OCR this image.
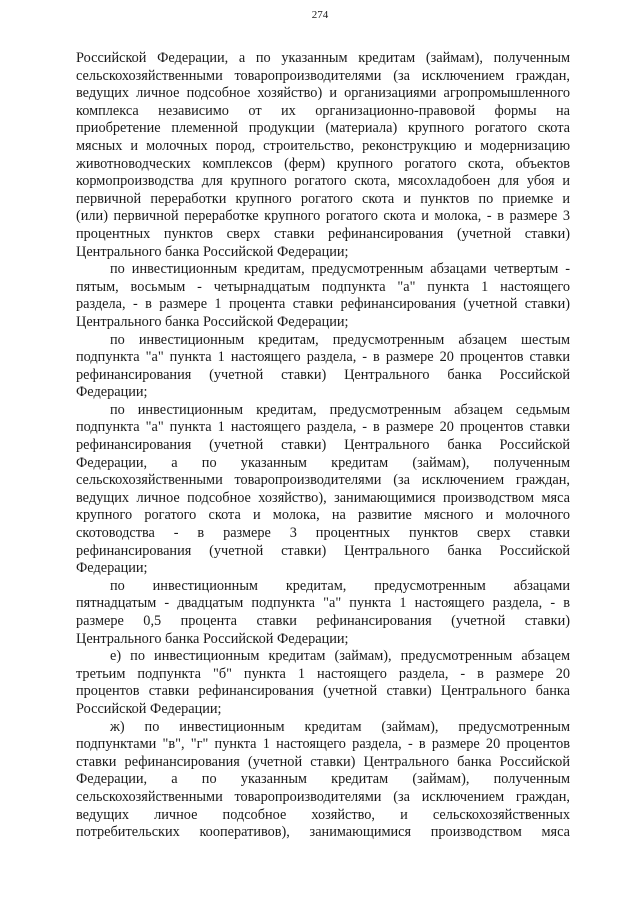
274
Российской Федерации, а по указанным кредитам (займам), полученным
сельскохозяйственными товаропроизводителями (за исключением граждан,
ведущих личное подсобное хозяйство) и организациями агропромышленного
комплекса независимо от их организационно-правовой формы на
приобретение племенной продукции (материала) крупного рогатого скота
мясных и молочных пород, строительство, реконструкцию и модернизацию
животноводческих комплексов (ферм) крупного рогатого скота, объектов
кормопроизводства для крупного рогатого скота, мясохладобоен для убоя и
первичной переработки крупного рогатого скота и пунктов по приемке и
(или) первичной переработке крупного рогатого скота и молока, - в размере 3
процентных пунктов сверх ставки рефинансирования (учетной ставки)
Центрального банка Российской Федерации;
по инвестиционным кредитам, предусмотренным абзацами четвертым -
пятым, восьмым - четырнадцатым подпункта "а" пункта 1 настоящего
раздела, - в размере 1 процента ставки рефинансирования (учетной ставки)
Центрального банка Российской Федерации;
по инвестиционным кредитам, предусмотренным абзацем шестым
подпункта "а" пункта 1 настоящего раздела, - в размере 20 процентов ставки
рефинансирования (учетной ставки) Центрального банка Российской
Федерации;
по инвестиционным кредитам, предусмотренным абзацем седьмым
подпункта "а" пункта 1 настоящего раздела, - в размере 20 процентов ставки
рефинансирования (учетной ставки) Центрального банка Российской
Федерации, а по указанным кредитам (займам), полученным
сельскохозяйственными товаропроизводителями (за исключением граждан,
ведущих личное подсобное хозяйство), занимающимися производством мяса
крупного рогатого скота и молока, на развитие мясного и молочного
скотоводства - в размере 3 процентных пунктов сверх ставки
рефинансирования (учетной ставки) Центрального банка Российской
Федерации;
по инвестиционным кредитам, предусмотренным абзацами
пятнадцатым - двадцатым подпункта "а" пункта 1 настоящего раздела, - в
размере 0,5 процента ставки рефинансирования (учетной ставки)
Центрального банка Российской Федерации;
е) по инвестиционным кредитам (займам), предусмотренным абзацем
третьим подпункта "б" пункта 1 настоящего раздела, - в размере 20
процентов ставки рефинансирования (учетной ставки) Центрального банка
Российской Федерации;
ж) по инвестиционным кредитам (займам), предусмотренным
подпунктами "в", "г" пункта 1 настоящего раздела, - в размере 20 процентов
ставки рефинансирования (учетной ставки) Центрального банка Российской
Федерации, а по указанным кредитам (займам), полученным
сельскохозяйственными товаропроизводителями (за исключением граждан,
ведущих личное подсобное хозяйство, и сельскохозяйственных
потребительских кооперативов), занимающимися производством мяса
